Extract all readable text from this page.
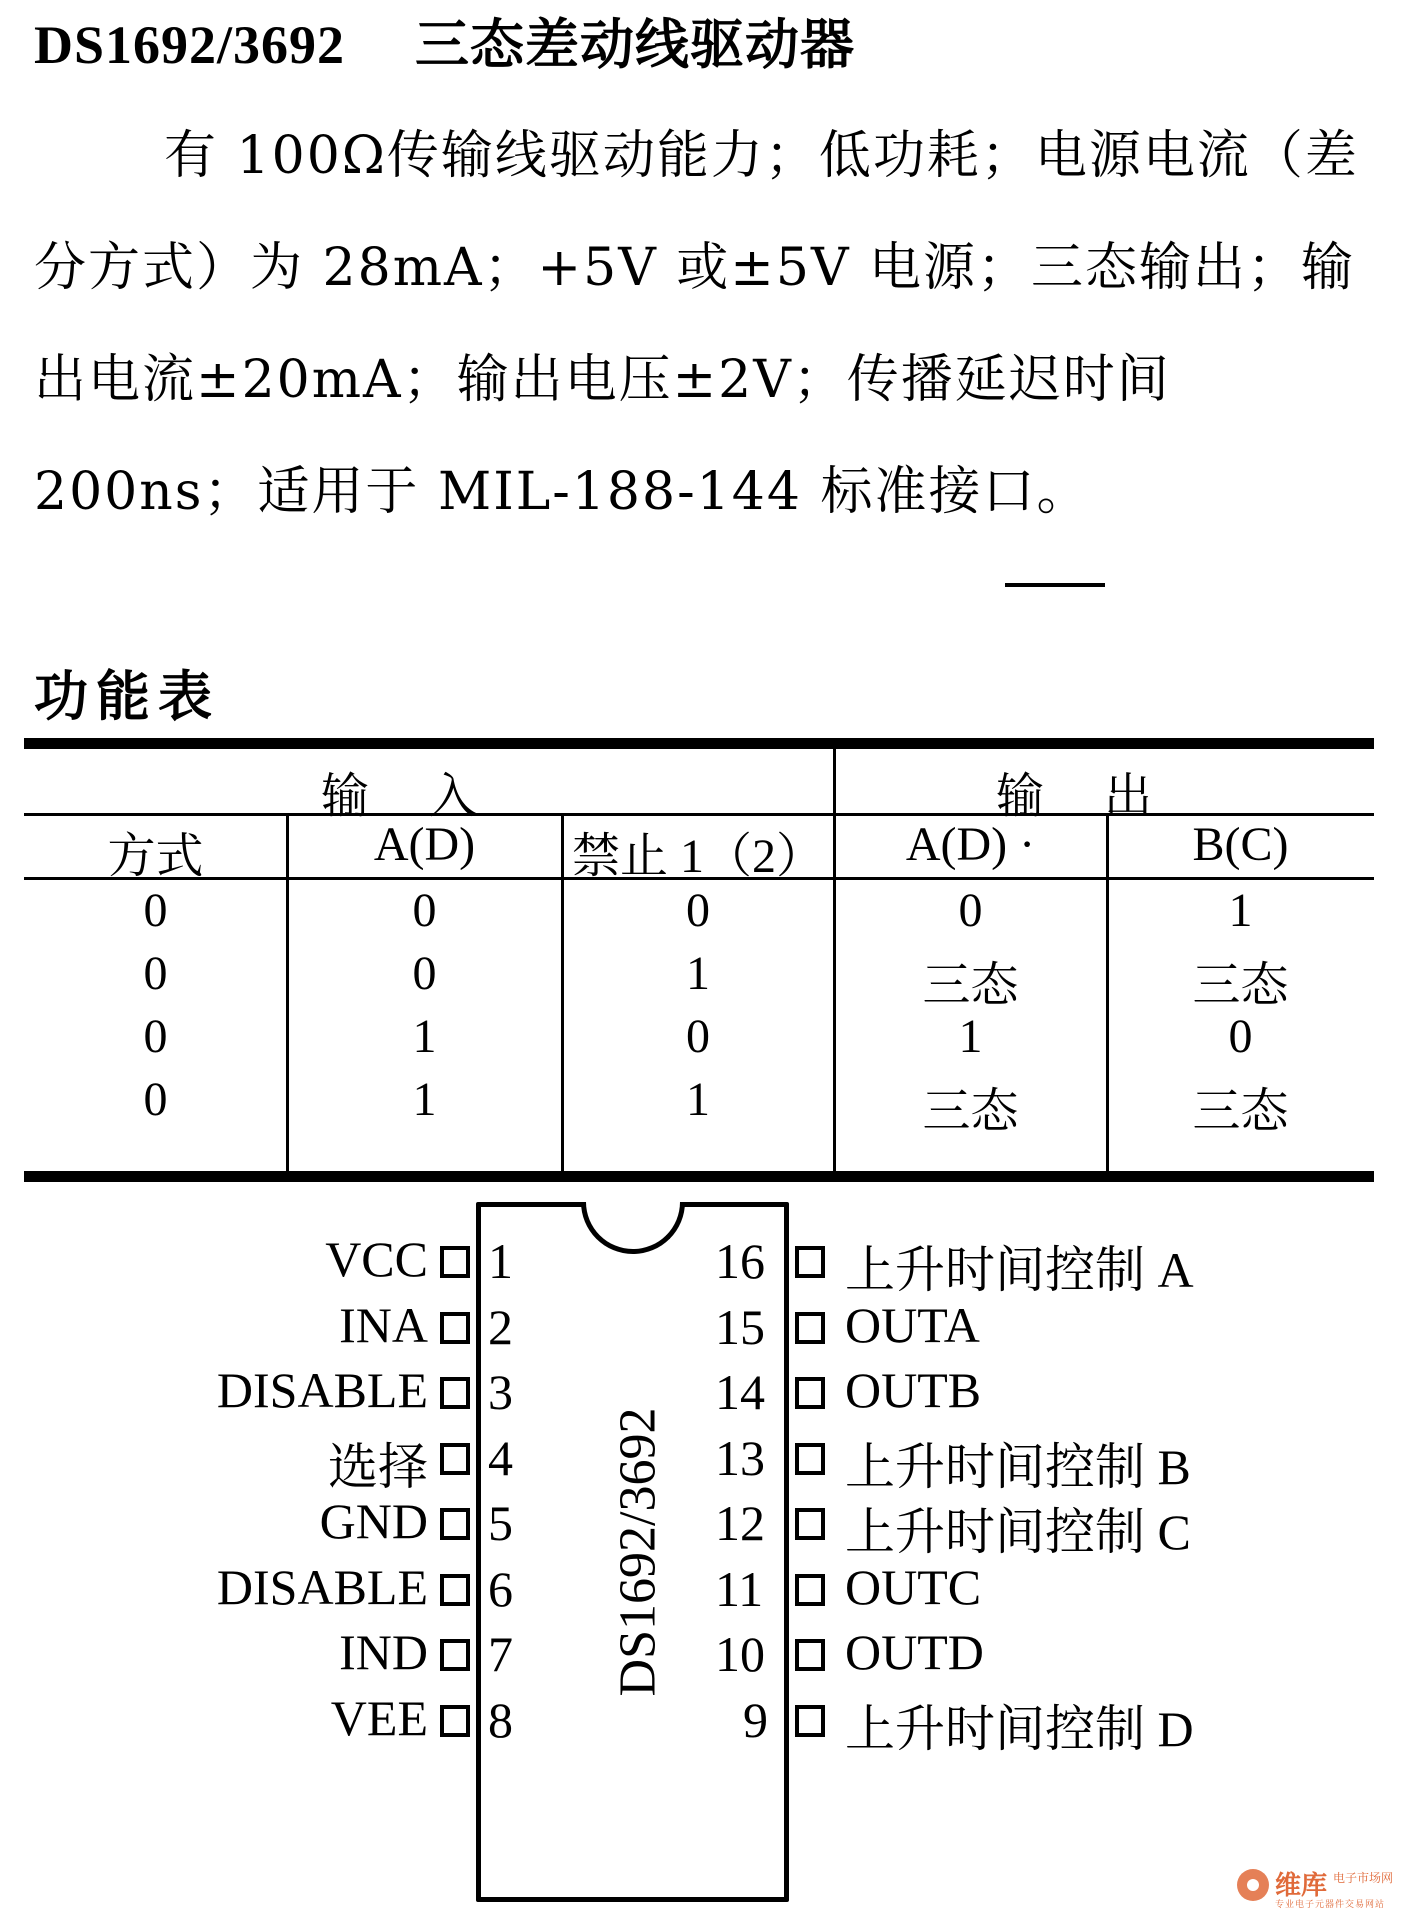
DS1692/3692 三态差动线驱动器

有 100Ω传输线驱动能力；低功耗；电源电流（差分方式）为 28mA；+5V 或±5V 电源；三态输出；输出电流±20mA；输出电压±2V；传播延迟时间 200ns；适用于 MIL-188-144 标准接口。

功能表
输入	输出
方式	A(D)	禁止 1（2）	A(D) ·	B(C)
0	0	0	0	1
0	0	1	三态	三态
0	1	0	1	0
0	1	1	三态	三态
DS1692/3692
VCC 1
INA 2
DISABLE 3
选择 4
GND 5
DISABLE 6
IND 7
VEE 8
16 上升时间控制 A
15 OUTA
14 OUTB
13 上升时间控制 B
12 上升时间控制 C
11 OUTC
10 OUTD
9 上升时间控制 D
维库 电子市场网
专业电子元器件交易网站
